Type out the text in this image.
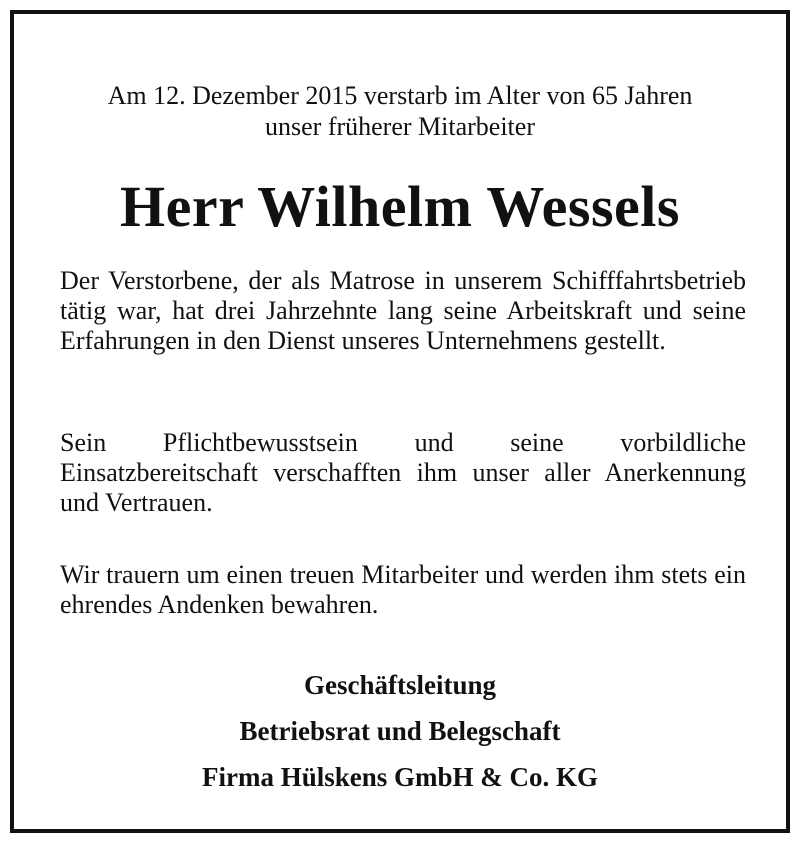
Am 12. Dezember 2015 verstarb im Alter von 65 Jahren
unser früherer Mitarbeiter
Herr Wilhelm Wessels
Der Verstorbene, der als Matrose in unserem Schifffahrtsbetrieb tätig war, hat drei Jahrzehnte lang seine Arbeitskraft und seine Erfahrungen in den Dienst unseres Unternehmens gestellt.
Sein Pflichtbewusstsein und seine vorbildliche Einsatzbereitschaft verschafften ihm unser aller Anerkennung und Vertrauen.
Wir trauern um einen treuen Mitarbeiter und werden ihm stets ein ehrendes Andenken bewahren.
Geschäftsleitung
Betriebsrat und Belegschaft
Firma Hülskens GmbH & Co. KG
